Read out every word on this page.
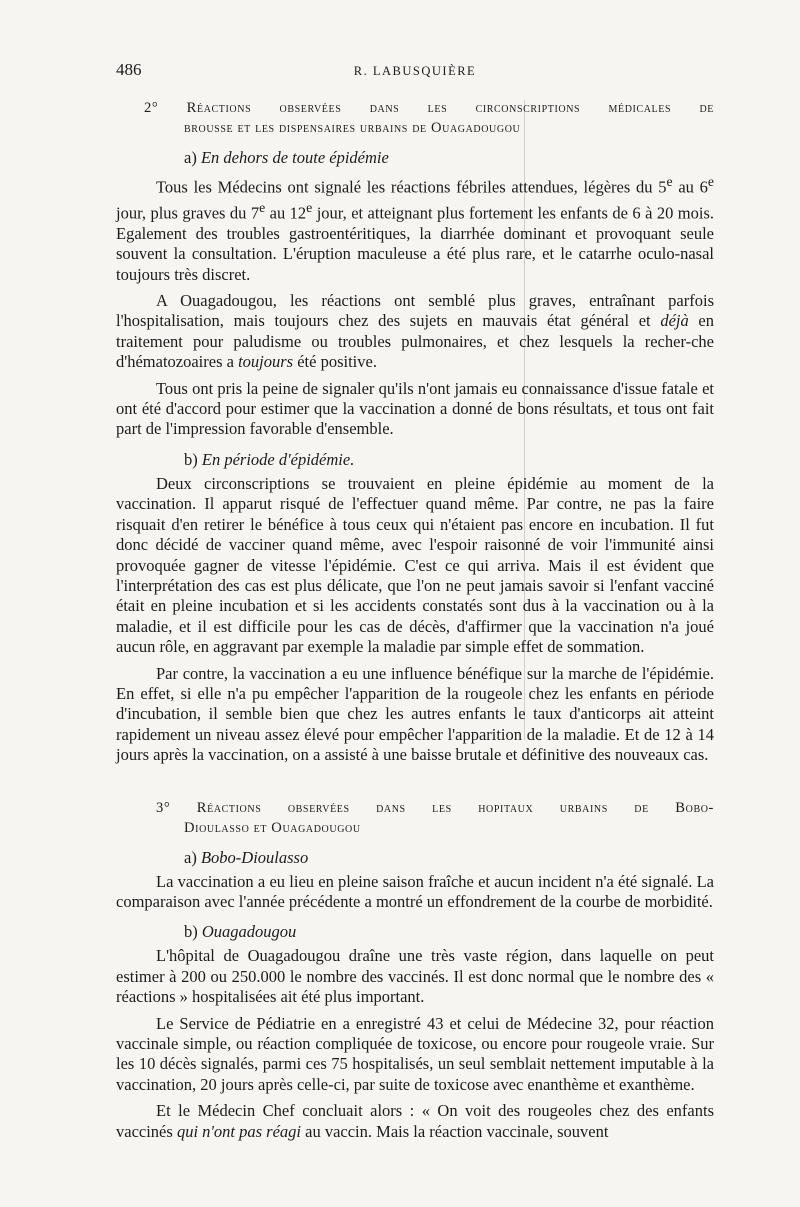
486	R. LABUSQUIÈRE
2° Réactions observées dans les circonscriptions médicales de
brousse et les dispensaires urbains de Ouagadougou
a) En dehors de toute épidémie

Tous les Médecins ont signalé les réactions fébriles attendues, légères du 5e au 6e jour, plus graves du 7e au 12e jour, et atteignant plus fortement les enfants de 6 à 20 mois. Egalement des troubles gastroentéritiques, la diarrhée dominant et provoquant seule souvent la consultation. L'éruption maculeuse a été plus rare, et le catarrhe oculo-nasal toujours très discret.

A Ouagadougou, les réactions ont semblé plus graves, entraînant parfois l'hospitalisation, mais toujours chez des sujets en mauvais état général et déjà en traitement pour paludisme ou troubles pulmonaires, et chez lesquels la recher-che d'hématozoaires a toujours été positive.

Tous ont pris la peine de signaler qu'ils n'ont jamais eu connaissance d'issue fatale et ont été d'accord pour estimer que la vaccination a donné de bons résultats, et tous ont fait part de l'impression favorable d'ensemble.

b) En période d'épidémie.

Deux circonscriptions se trouvaient en pleine épidémie au moment de la vaccination. Il apparut risqué de l'effectuer quand même. Par contre, ne pas la faire risquait d'en retirer le bénéfice à tous ceux qui n'étaient pas encore en incubation. Il fut donc décidé de vacciner quand même, avec l'espoir raisonné de voir l'immunité ainsi provoquée gagner de vitesse l'épidémie. C'est ce qui arriva. Mais il est évident que l'interprétation des cas est plus délicate, que l'on ne peut jamais savoir si l'enfant vacciné était en pleine incubation et si les accidents constatés sont dus à la vaccination ou à la maladie, et il est difficile pour les cas de décès, d'affirmer que la vaccination n'a joué aucun rôle, en aggravant par exemple la maladie par simple effet de sommation.

Par contre, la vaccination a eu une influence bénéfique sur la marche de l'épidémie. En effet, si elle n'a pu empêcher l'apparition de la rougeole chez les enfants en période d'incubation, il semble bien que chez les autres enfants le taux d'anticorps ait atteint rapidement un niveau assez élevé pour empêcher l'apparition de la maladie. Et de 12 à 14 jours après la vaccination, on a assisté à une baisse brutale et définitive des nouveaux cas.

3° Réactions observées dans les hopitaux urbains de Bobo-
Dioulasso et Ouagadougou
a) Bobo-Dioulasso

La vaccination a eu lieu en pleine saison fraîche et aucun incident n'a été signalé. La comparaison avec l'année précédente a montré un effondrement de la courbe de morbidité.

b) Ouagadougou

L'hôpital de Ouagadougou draîne une très vaste région, dans laquelle on peut estimer à 200 ou 250.000 le nombre des vaccinés. Il est donc normal que le nombre des « réactions » hospitalisées ait été plus important.

Le Service de Pédiatrie en a enregistré 43 et celui de Médecine 32, pour réaction vaccinale simple, ou réaction compliquée de toxicose, ou encore pour rougeole vraie. Sur les 10 décès signalés, parmi ces 75 hospitalisés, un seul semblait nettement imputable à la vaccination, 20 jours après celle-ci, par suite de toxicose avec enanthème et exanthème.

Et le Médecin Chef concluait alors : « On voit des rougeoles chez des enfants vaccinés qui n'ont pas réagi au vaccin. Mais la réaction vaccinale, souvent
